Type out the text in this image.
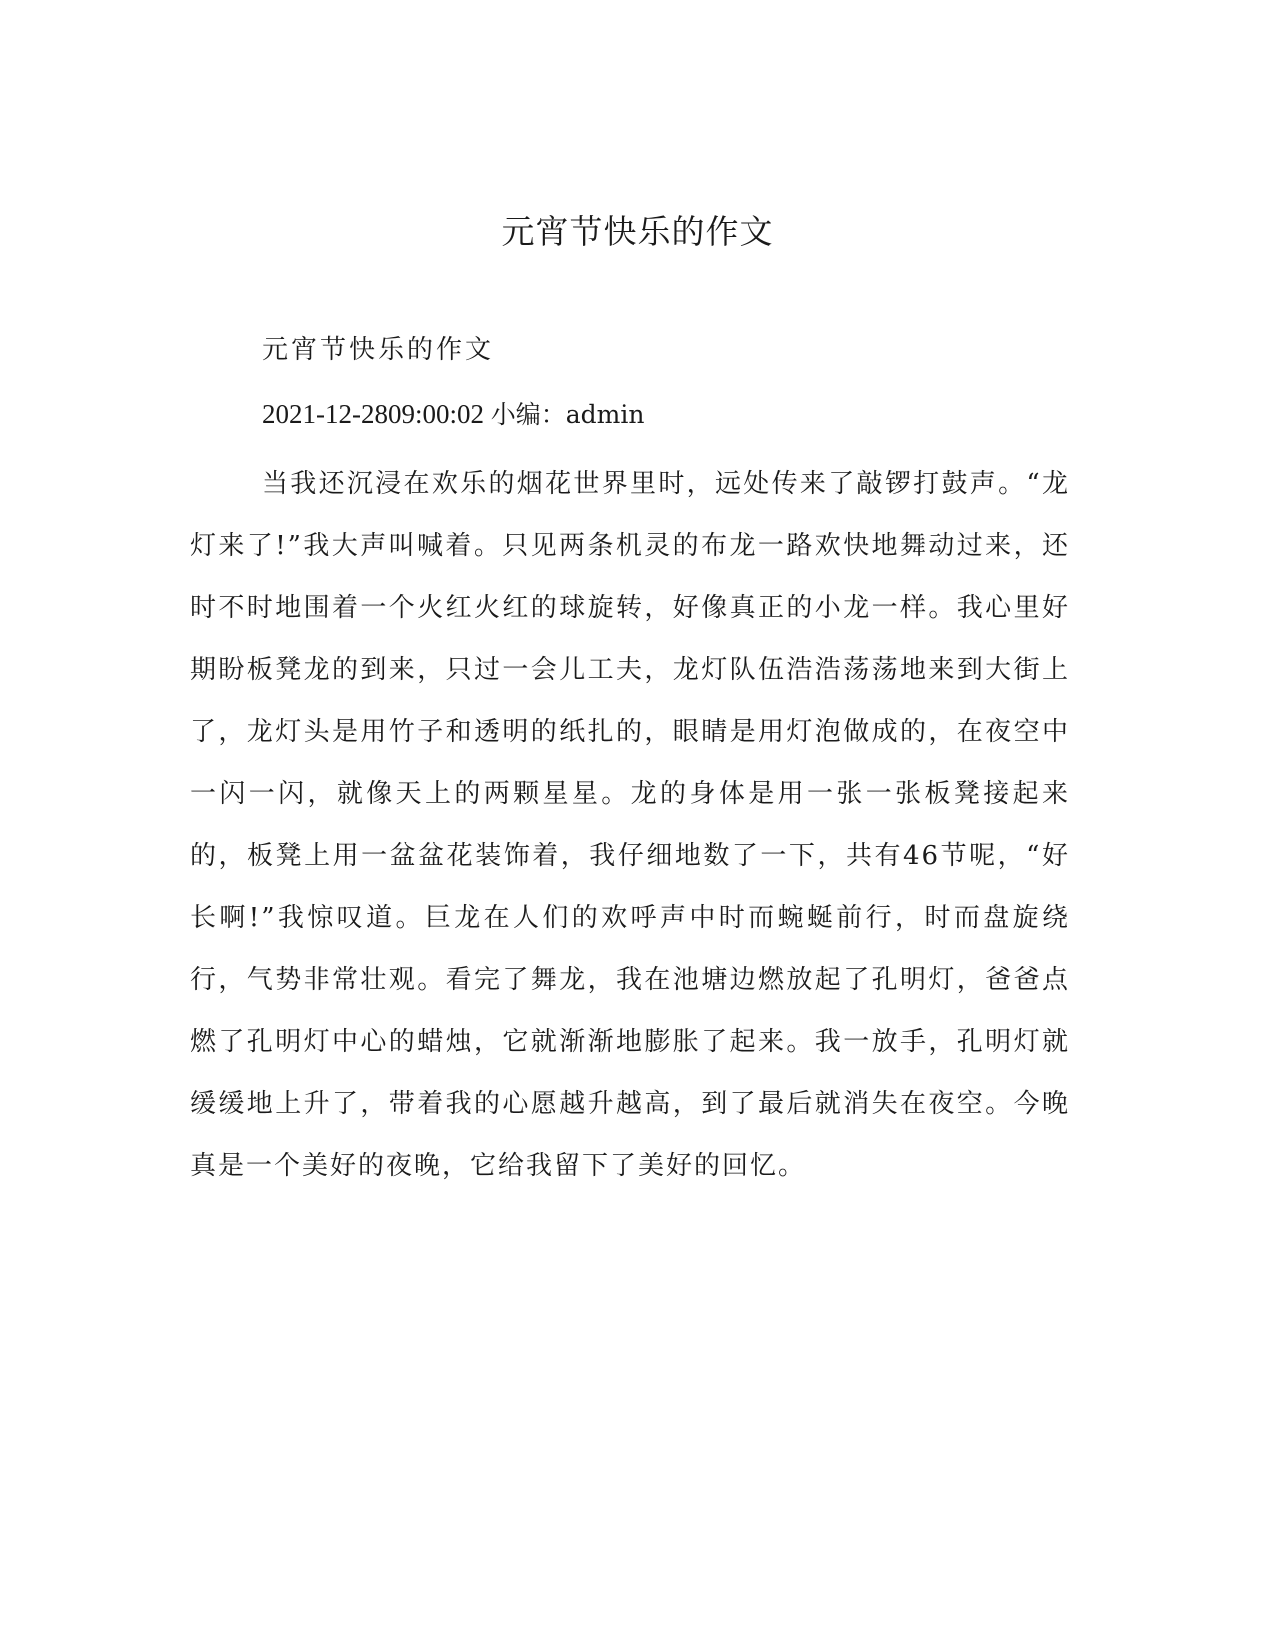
元宵节快乐的作文

元宵节快乐的作文

2021-12-2809:00:02 小编：admin

当我还沉浸在欢乐的烟花世界里时，远处传来了敲锣打鼓声。“龙灯来了!”我大声叫喊着。只见两条机灵的布龙一路欢快地舞动过来，还时不时地围着一个火红火红的球旋转，好像真正的小龙一样。我心里好期盼板凳龙的到来，只过一会儿工夫，龙灯队伍浩浩荡荡地来到大街上了，龙灯头是用竹子和透明的纸扎的，眼睛是用灯泡做成的，在夜空中一闪一闪，就像天上的两颗星星。龙的身体是用一张一张板凳接起来的，板凳上用一盆盆花装饰着，我仔细地数了一下，共有46节呢，“好长啊!”我惊叹道。巨龙在人们的欢呼声中时而蜿蜒前行，时而盘旋绕行，气势非常壮观。看完了舞龙，我在池塘边燃放起了孔明灯，爸爸点燃了孔明灯中心的蜡烛，它就渐渐地膨胀了起来。我一放手，孔明灯就缓缓地上升了，带着我的心愿越升越高，到了最后就消失在夜空。今晚真是一个美好的夜晚，它给我留下了美好的回忆。
